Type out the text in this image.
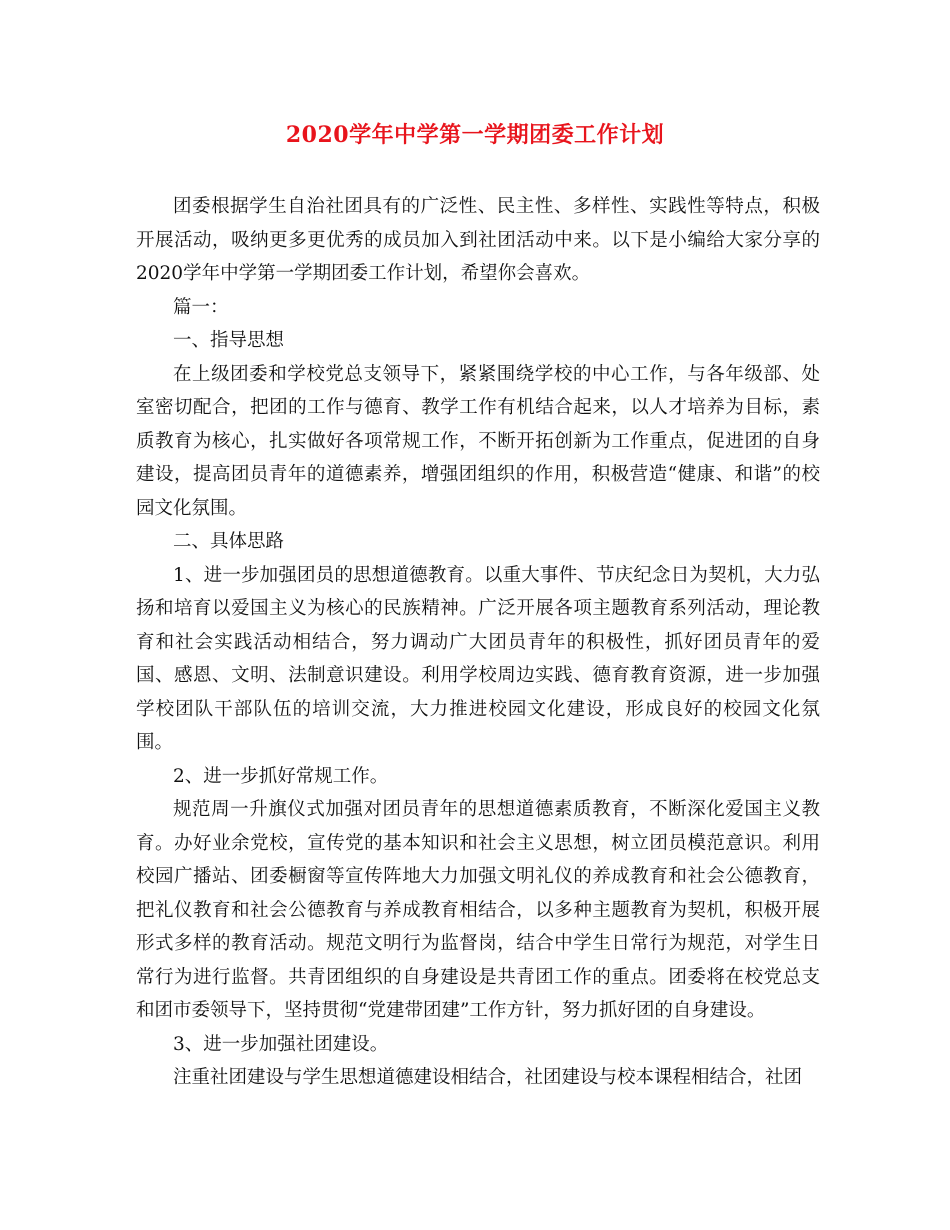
2020学年中学第一学期团委工作计划

团委根据学生自治社团具有的广泛性、民主性、多样性、实践性等特点，积极开展活动，吸纳更多更优秀的成员加入到社团活动中来。以下是小编给大家分享的2020学年中学第一学期团委工作计划，希望你会喜欢。

篇一：

一、指导思想

在上级团委和学校党总支领导下，紧紧围绕学校的中心工作，与各年级部、处室密切配合，把团的工作与德育、教学工作有机结合起来，以人才培养为目标，素质教育为核心，扎实做好各项常规工作，不断开拓创新为工作重点，促进团的自身建设，提高团员青年的道德素养，增强团组织的作用，积极营造“健康、和谐”的校园文化氛围。

二、具体思路

1、进一步加强团员的思想道德教育。以重大事件、节庆纪念日为契机，大力弘扬和培育以爱国主义为核心的民族精神。广泛开展各项主题教育系列活动，理论教育和社会实践活动相结合，努力调动广大团员青年的积极性，抓好团员青年的爱国、感恩、文明、法制意识建设。利用学校周边实践、德育教育资源，进一步加强学校团队干部队伍的培训交流，大力推进校园文化建设，形成良好的校园文化氛围。

2、进一步抓好常规工作。

规范周一升旗仪式加强对团员青年的思想道德素质教育，不断深化爱国主义教育。办好业余党校，宣传党的基本知识和社会主义思想，树立团员模范意识。利用校园广播站、团委橱窗等宣传阵地大力加强文明礼仪的养成教育和社会公德教育，把礼仪教育和社会公德教育与养成教育相结合，以多种主题教育为契机，积极开展形式多样的教育活动。规范文明行为监督岗，结合中学生日常行为规范，对学生日常行为进行监督。共青团组织的自身建设是共青团工作的重点。团委将在校党总支和团市委领导下，坚持贯彻“党建带团建”工作方针，努力抓好团的自身建设。

3、进一步加强社团建设。

注重社团建设与学生思想道德建设相结合，社团建设与校本课程相结合，社团
